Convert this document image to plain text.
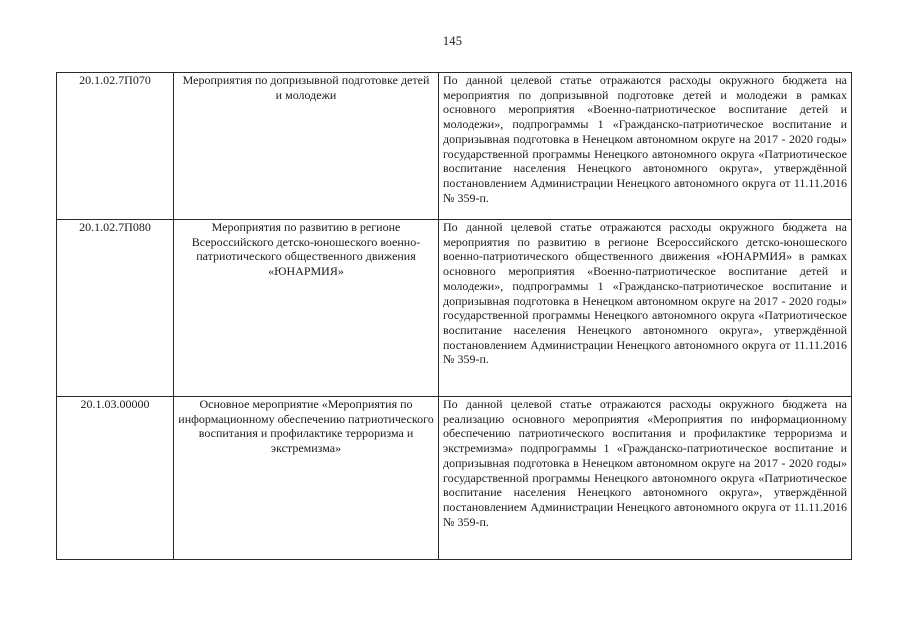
145
20.1.02.7П070	Мероприятия по допризывной подготовке детей и молодежи	По данной целевой статье отражаются расходы окружного бюджета на мероприятия по допризывной подготовке детей и молодежи в рамках основного мероприятия «Военно-патриотическое воспитание детей и молодежи», подпрограммы 1 «Гражданско-патриотическое воспитание и допризывная подготовка в Ненецком автономном округе на 2017 - 2020 годы» государственной программы Ненецкого автономного округа «Патриотическое воспитание населения Ненецкого автономного округа», утверждённой постановлением Администрации Ненецкого автономного округа от 11.11.2016 № 359-п.
20.1.02.7П080	Мероприятия по развитию в регионе Всероссийского детско-юношеского военно-патриотического общественного движения «ЮНАРМИЯ»	По данной целевой статье отражаются расходы окружного бюджета на мероприятия по развитию в регионе Всероссийского детско-юношеского военно-патриотического общественного движения «ЮНАРМИЯ» в рамках основного мероприятия «Военно-патриотическое воспитание детей и молодежи», подпрограммы 1 «Гражданско-патриотическое воспитание и допризывная подготовка в Ненецком автономном округе на 2017 - 2020 годы» государственной программы Ненецкого автономного округа «Патриотическое воспитание населения Ненецкого автономного округа», утверждённой постановлением Администрации Ненецкого автономного округа от 11.11.2016 № 359-п.
20.1.03.00000	Основное мероприятие «Мероприятия по информационному обеспечению патриотического воспитания и профилактике терроризма и экстремизма»	По данной целевой статье отражаются расходы окружного бюджета на реализацию основного мероприятия «Мероприятия по информационному обеспечению патриотического воспитания и профилактике терроризма и экстремизма» подпрограммы 1 «Гражданско-патриотическое воспитание и допризывная подготовка в Ненецком автономном округе на 2017 - 2020 годы» государственной программы Ненецкого автономного округа «Патриотическое воспитание населения Ненецкого автономного округа», утверждённой постановлением Администрации Ненецкого автономного округа от 11.11.2016 № 359-п.
